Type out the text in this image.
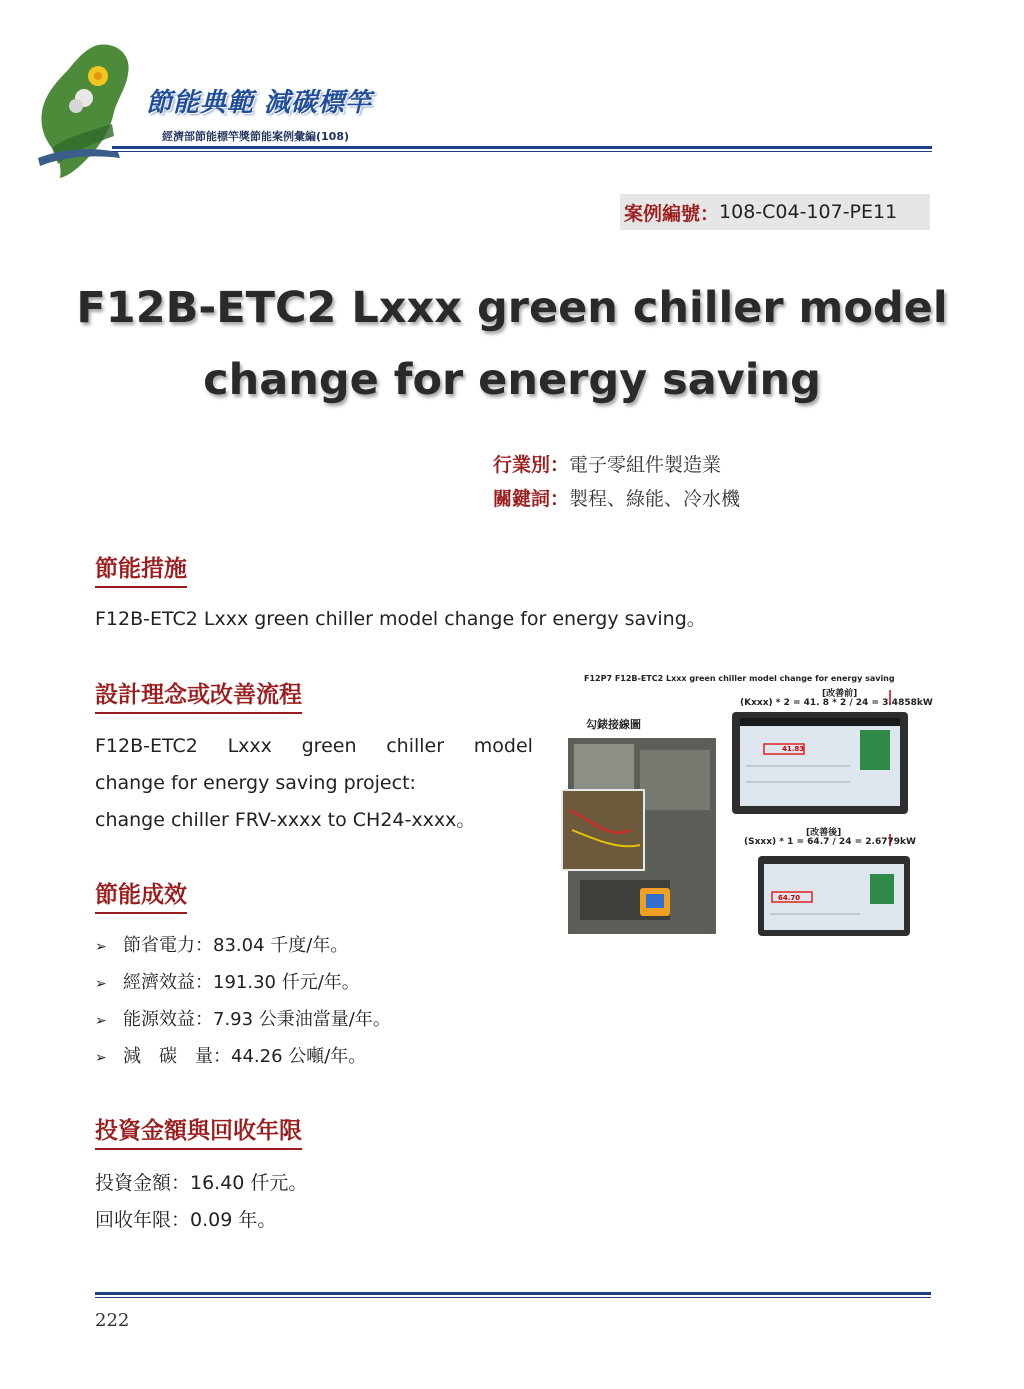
節能典範 減碳標竿
經濟部節能標竿獎節能案例彙編(108)
案例編號： 108-C04-107-PE11
F12B-ETC2 Lxxx green chiller model
change for energy saving
行業別：電子零組件製造業
關鍵詞：製程、綠能、冷水機
節能措施
F12B-ETC2 Lxxx green chiller model change for energy saving。
設計理念或改善流程
F12B-ETC2 Lxxx green chiller model
change for energy saving project:
change chiller FRV-xxxx to CH24-xxxx。
F12P7 F12B-ETC2 Lxxx green chiller model change for energy saving
勾錶接線圖
[改善前]
(Kxxx) * 2 = 41. 8 * 2 / 24 = 3.4858kW
41.83
[改善後]
(Sxxx) * 1 = 64.7 / 24 = 2.6779kW
64.70
節能成效
➢ 節省電力：83.04 千度/年。
➢ 經濟效益：191.30 仟元/年。
➢ 能源效益：7.93 公秉油當量/年。
➢ 減　碳　量：44.26 公噸/年。
投資金額與回收年限
投資金額：16.40 仟元。
回收年限：0.09 年。
222
